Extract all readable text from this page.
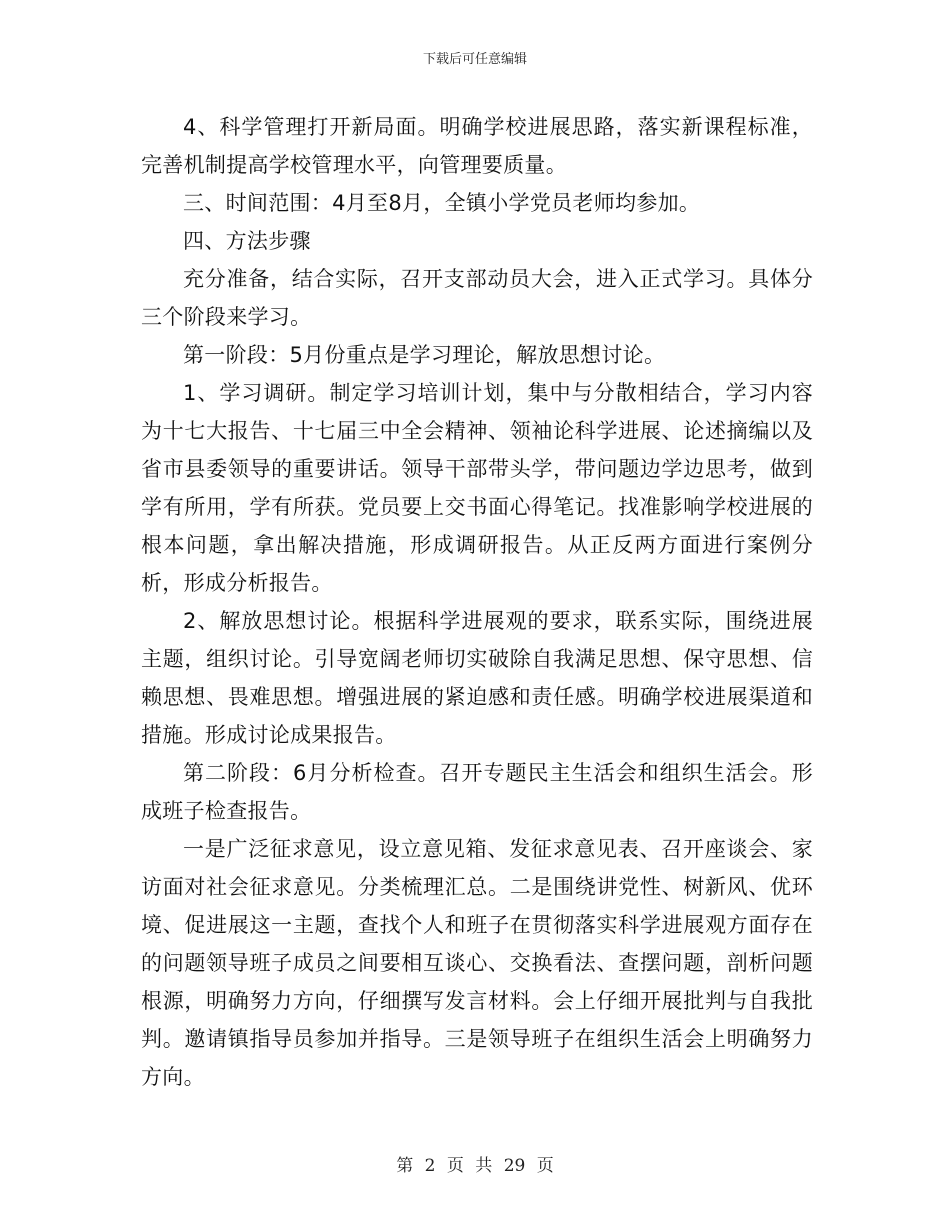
下载后可任意编辑

4、科学管理打开新局面。明确学校进展思路，落实新课程标准，完善机制提高学校管理水平，向管理要质量。

三、时间范围：4月至8月，全镇小学党员老师均参加。

四、方法步骤

充分准备，结合实际，召开支部动员大会，进入正式学习。具体分三个阶段来学习。

第一阶段：5月份重点是学习理论，解放思想讨论。

1、学习调研。制定学习培训计划，集中与分散相结合，学习内容为十七大报告、十七届三中全会精神、领袖论科学进展、论述摘编以及省市县委领导的重要讲话。领导干部带头学，带问题边学边思考，做到学有所用，学有所获。党员要上交书面心得笔记。找准影响学校进展的根本问题，拿出解决措施，形成调研报告。从正反两方面进行案例分析，形成分析报告。

2、解放思想讨论。根据科学进展观的要求，联系实际，围绕进展主题，组织讨论。引导宽阔老师切实破除自我满足思想、保守思想、信赖思想、畏难思想。增强进展的紧迫感和责任感。明确学校进展渠道和措施。形成讨论成果报告。

第二阶段：6月分析检查。召开专题民主生活会和组织生活会。形成班子检查报告。

一是广泛征求意见，设立意见箱、发征求意见表、召开座谈会、家访面对社会征求意见。分类梳理汇总。二是围绕讲党性、树新风、优环境、促进展这一主题，查找个人和班子在贯彻落实科学进展观方面存在的问题领导班子成员之间要相互谈心、交换看法、查摆问题，剖析问题根源，明确努力方向，仔细撰写发言材料。会上仔细开展批判与自我批判。邀请镇指导员参加并指导。三是领导班子在组织生活会上明确努力方向。

第 2 页 共 29 页
